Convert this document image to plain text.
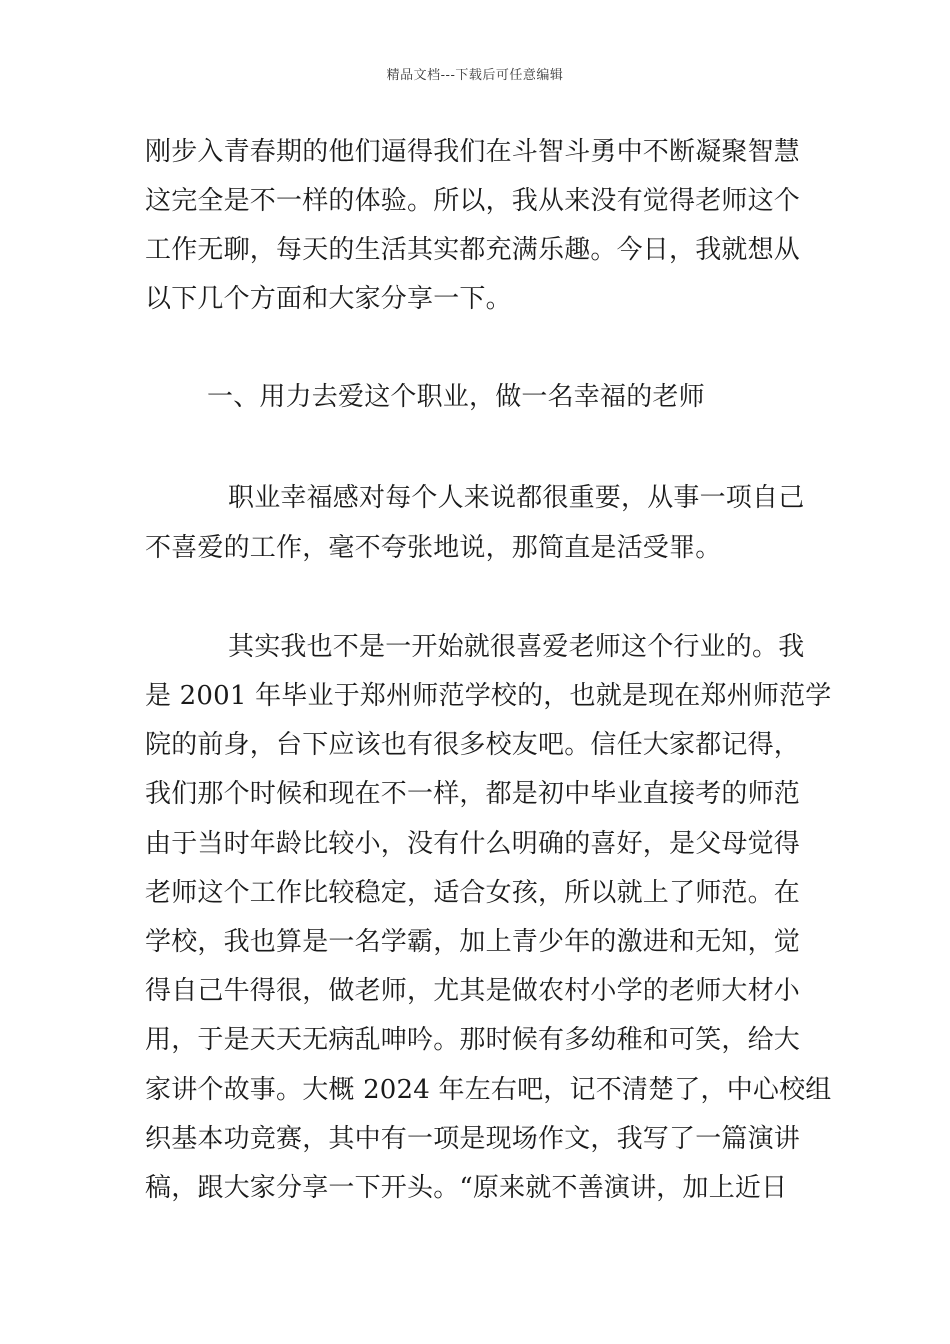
精品文档---下载后可任意编辑
刚步入青春期的他们逼得我们在斗智斗勇中不断凝聚智慧
这完全是不一样的体验。所以，我从来没有觉得老师这个
工作无聊，每天的生活其实都充满乐趣。今日，我就想从
以下几个方面和大家分享一下。
一、用力去爱这个职业，做一名幸福的老师
职业幸福感对每个人来说都很重要，从事一项自己
不喜爱的工作，毫不夸张地说，那简直是活受罪。
其实我也不是一开始就很喜爱老师这个行业的。我
是 2001 年毕业于郑州师范学校的，也就是现在郑州师范学
院的前身，台下应该也有很多校友吧。信任大家都记得，
我们那个时候和现在不一样，都是初中毕业直接考的师范
由于当时年龄比较小，没有什么明确的喜好，是父母觉得
老师这个工作比较稳定，适合女孩，所以就上了师范。在
学校，我也算是一名学霸，加上青少年的激进和无知，觉
得自己牛得很，做老师，尤其是做农村小学的老师大材小
用，于是天天无病乱呻吟。那时候有多幼稚和可笑，给大
家讲个故事。大概 2024 年左右吧，记不清楚了，中心校组
织基本功竞赛，其中有一项是现场作文，我写了一篇演讲
稿，跟大家分享一下开头。“原来就不善演讲，加上近日
